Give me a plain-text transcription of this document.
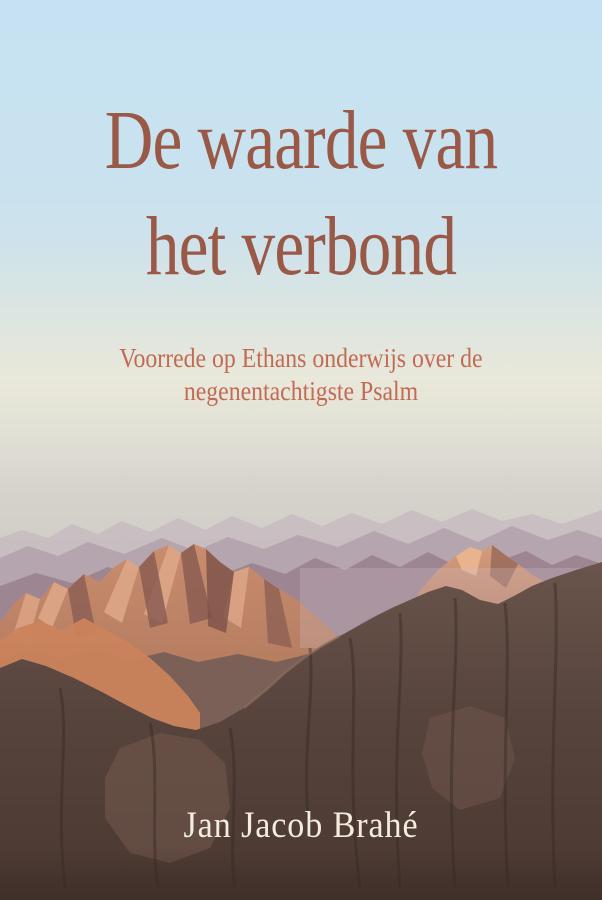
De waarde van
het verbond
Voorrede op Ethans onderwijs over de
negenentachtigste Psalm
Jan Jacob Brahé
